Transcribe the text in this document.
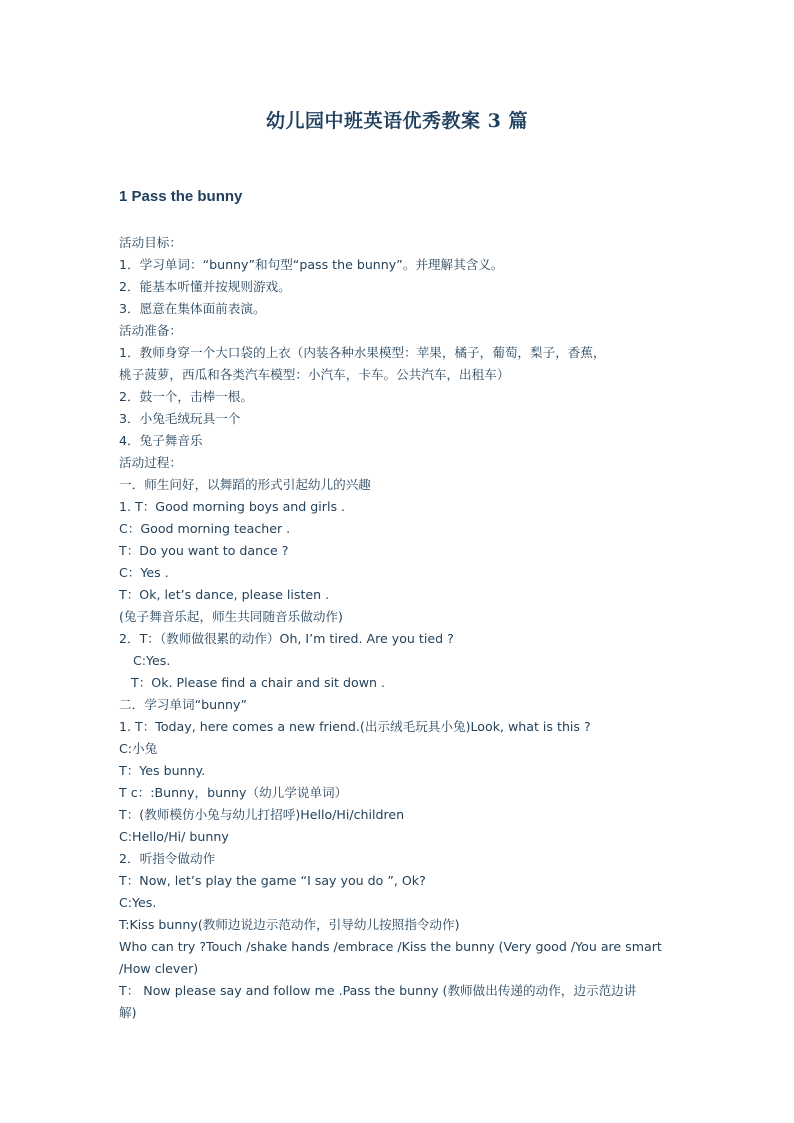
幼儿园中班英语优秀教案 3 篇
1 Pass the bunny
活动目标：
1．学习单词：“bunny”和句型“pass the bunny”。并理解其含义。
2．能基本听懂并按规则游戏。
3．愿意在集体面前表演。
活动准备：
1．教师身穿一个大口袋的上衣（内装各种水果模型：苹果，橘子，葡萄，梨子，香蕉，
桃子菠萝，西瓜和各类汽车模型：小汽车，卡车。公共汽车，出租车）
2．鼓一个，击棒一根。
3．小兔毛绒玩具一个
4．兔子舞音乐
活动过程：
一．师生问好，以舞蹈的形式引起幼儿的兴趣
1. T：Good morning boys and girls .
C：Good morning teacher .
T：Do you want to dance ?
C：Yes .
T：Ok, let’s dance, please listen .
(兔子舞音乐起，师生共同随音乐做动作)
2．T：（教师做很累的动作）Oh, I’m tired. Are you tied ?
C:Yes.
T：Ok. Please find a chair and sit down .
二．学习单词“bunny”
1. T：Today, here comes a new friend.(出示绒毛玩具小兔)Look, what is this ?
C:小兔
T：Yes bunny.
T c：:Bunny，bunny（幼儿学说单词）
T：(教师模仿小兔与幼儿打招呼)Hello/Hi/children
C:Hello/Hi/ bunny
2．听指令做动作
T：Now, let’s play the game “I say you do ”, Ok?
C:Yes.
T:Kiss bunny(教师边说边示范动作，引导幼儿按照指令动作)
Who can try ?Touch /shake hands /embrace /Kiss the bunny (Very good /You are smart
/How clever)
T： Now please say and follow me .Pass the bunny (教师做出传递的动作，边示范边讲
解)
